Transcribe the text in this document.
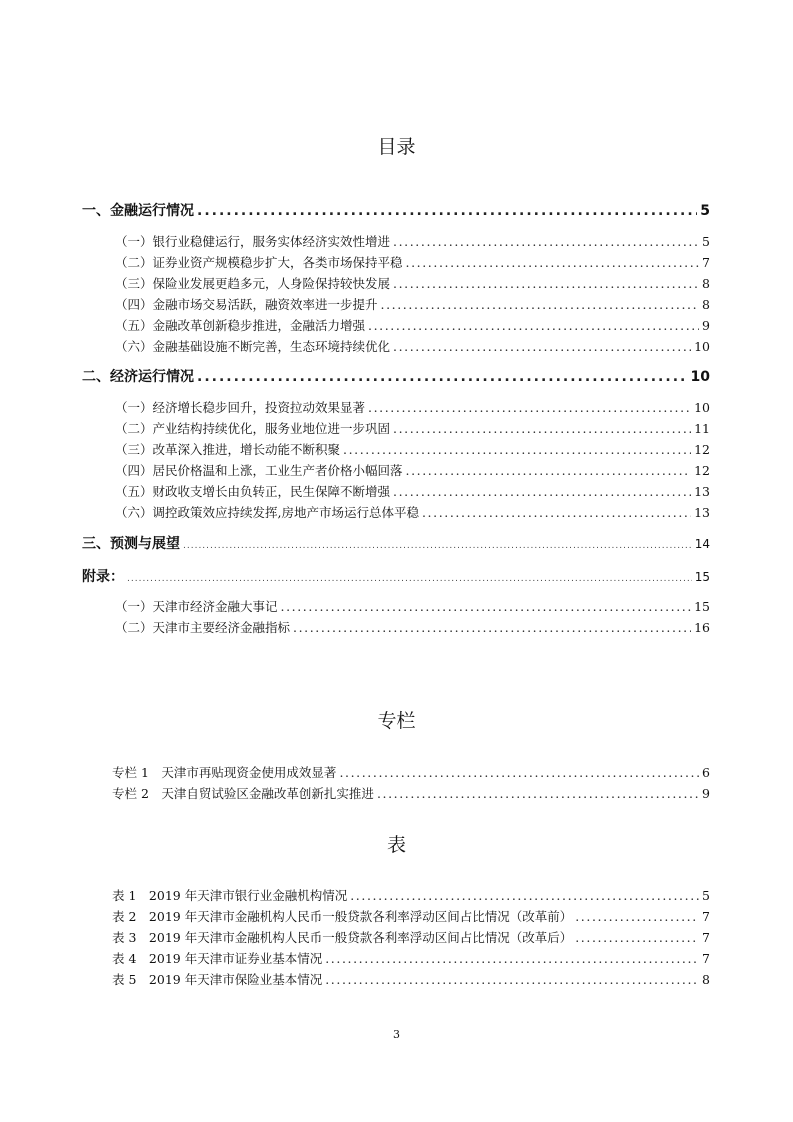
目录
一、金融运行情况 .....	5
（一）银行业稳健运行，服务实体经济实效性增进 .....	5
（二）证券业资产规模稳步扩大，各类市场保持平稳 .....	7
（三）保险业发展更趋多元，人身险保持较快发展 .....	8
（四）金融市场交易活跃，融资效率进一步提升 .....	8
（五）金融改革创新稳步推进，金融活力增强 .....	9
（六）金融基础设施不断完善，生态环境持续优化 .....	10
二、经济运行情况 .....	10
（一）经济增长稳步回升，投资拉动效果显著 .....	10
（二）产业结构持续优化，服务业地位进一步巩固 .....	11
（三）改革深入推进，增长动能不断积聚 .....	12
（四）居民价格温和上涨，工业生产者价格小幅回落 .....	12
（五）财政收支增长由负转正，民生保障不断增强 .....	13
（六）调控政策效应持续发挥,房地产市场运行总体平稳 .....	13
三、预测与展望 .....	14
附录： .....	15
（一）天津市经济金融大事记 .....	15
（二）天津市主要经济金融指标 .....	16
专栏
专栏 1　天津市再贴现资金使用成效显著 .....	6
专栏 2　天津自贸试验区金融改革创新扎实推进 .....	9
表
表 1　2019 年天津市银行业金融机构情况 .....	5
表 2　2019 年天津市金融机构人民币一般贷款各利率浮动区间占比情况（改革前） .....	7
表 3　2019 年天津市金融机构人民币一般贷款各利率浮动区间占比情况（改革后） .....	7
表 4　2019 年天津市证券业基本情况 .....	7
表 5　2019 年天津市保险业基本情况 .....	8
3
